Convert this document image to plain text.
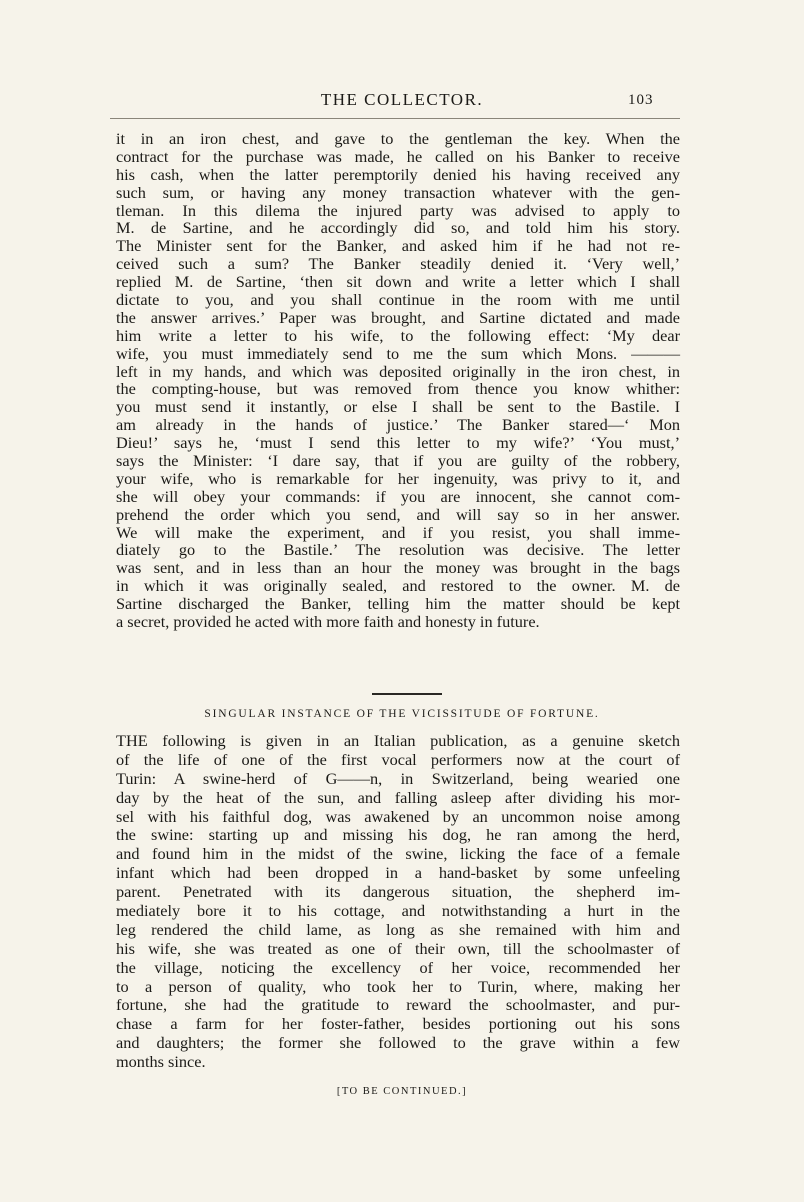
THE COLLECTOR.	103
it in an iron chest, and gave to the gentleman the key. When the
contract for the purchase was made, he called on his Banker to receive
his cash, when the latter peremptorily denied his having received any
such sum, or having any money transaction whatever with the gen-
tleman. In this dilema the injured party was advised to apply to
M. de Sartine, and he accordingly did so, and told him his story.
The Minister sent for the Banker, and asked him if he had not re-
ceived such a sum? The Banker steadily denied it. ‘Very well,’
replied M. de Sartine, ‘then sit down and write a letter which I shall
dictate to you, and you shall continue in the room with me until
the answer arrives.’ Paper was brought, and Sartine dictated and made
him write a letter to his wife, to the following effect: ‘My dear
wife, you must immediately send to me the sum which Mons. ———
left in my hands, and which was deposited originally in the iron chest, in
the compting-house, but was removed from thence you know whither:
you must send it instantly, or else I shall be sent to the Bastile. I
am already in the hands of justice.’ The Banker stared—‘ Mon
Dieu!’ says he, ‘must I send this letter to my wife?’ ‘You must,’
says the Minister: ‘I dare say, that if you are guilty of the robbery,
your wife, who is remarkable for her ingenuity, was privy to it, and
she will obey your commands: if you are innocent, she cannot com-
prehend the order which you send, and will say so in her answer.
We will make the experiment, and if you resist, you shall imme-
diately go to the Bastile.’ The resolution was decisive. The letter
was sent, and in less than an hour the money was brought in the bags
in which it was originally sealed, and restored to the owner. M. de
Sartine discharged the Banker, telling him the matter should be kept
a secret, provided he acted with more faith and honesty in future.
SINGULAR INSTANCE OF THE VICISSITUDE OF FORTUNE.
THE following is given in an Italian publication, as a genuine sketch
of the life of one of the first vocal performers now at the court of
Turin: A swine-herd of G——n, in Switzerland, being wearied one
day by the heat of the sun, and falling asleep after dividing his mor-
sel with his faithful dog, was awakened by an uncommon noise among
the swine: starting up and missing his dog, he ran among the herd,
and found him in the midst of the swine, licking the face of a female
infant which had been dropped in a hand-basket by some unfeeling
parent. Penetrated with its dangerous situation, the shepherd im-
mediately bore it to his cottage, and notwithstanding a hurt in the
leg rendered the child lame, as long as she remained with him and
his wife, she was treated as one of their own, till the schoolmaster of
the village, noticing the excellency of her voice, recommended her
to a person of quality, who took her to Turin, where, making her
fortune, she had the gratitude to reward the schoolmaster, and pur-
chase a farm for her foster-father, besides portioning out his sons
and daughters; the former she followed to the grave within a few
months since.
[TO BE CONTINUED.]
